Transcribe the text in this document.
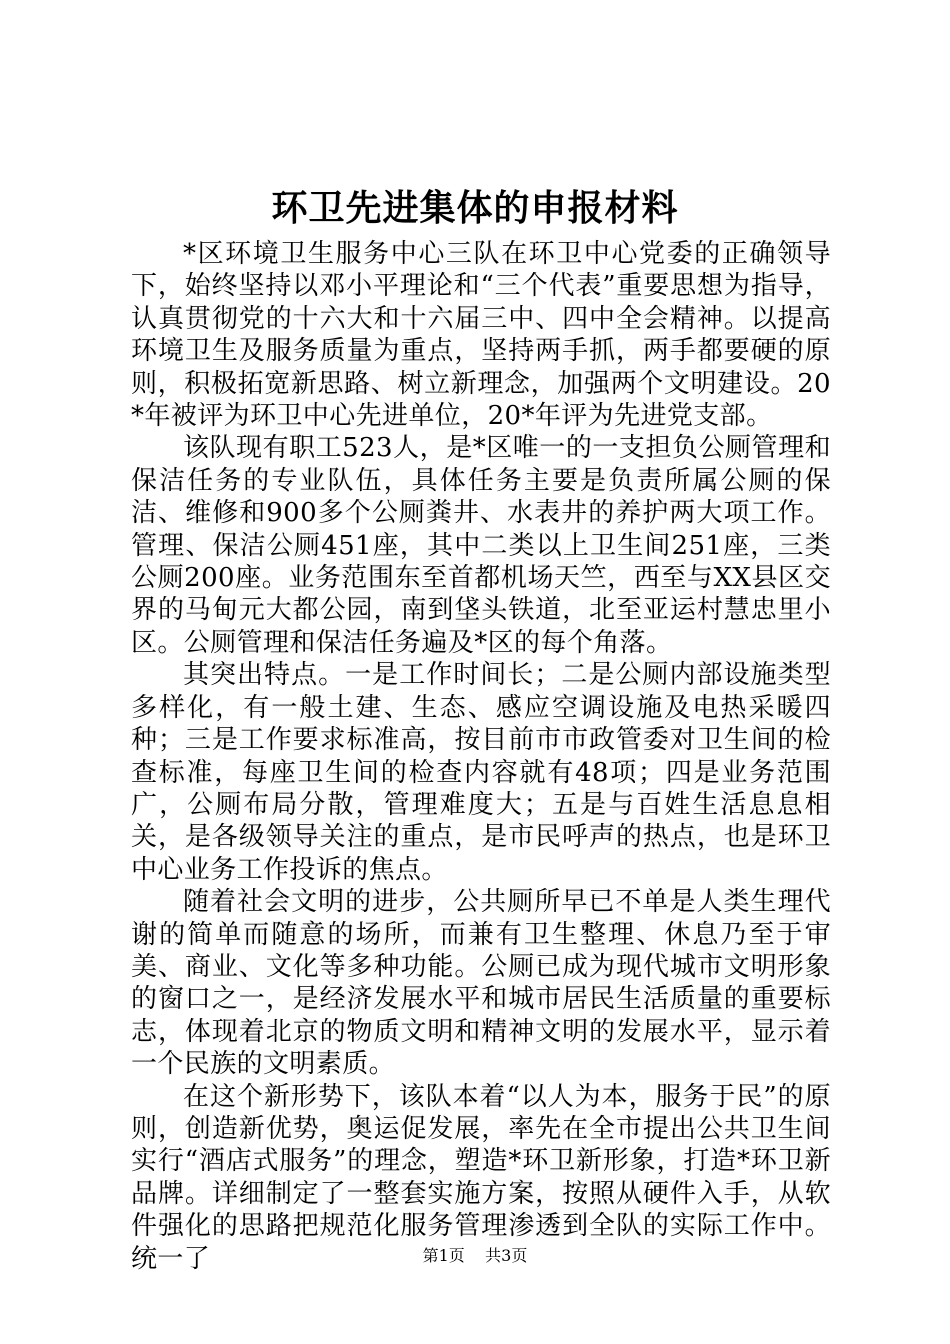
环卫先进集体的申报材料

*区环境卫生服务中心三队在环卫中心党委的正确领导下，始终坚持以邓小平理论和“三个代表”重要思想为指导，认真贯彻党的十六大和十六届三中、四中全会精神。以提高环境卫生及服务质量为重点，坚持两手抓，两手都要硬的原则，积极拓宽新思路、树立新理念，加强两个文明建设。20*年被评为环卫中心先进单位，20*年评为先进党支部。

该队现有职工523人，是*区唯一的一支担负公厕管理和保洁任务的专业队伍，具体任务主要是负责所属公厕的保洁、维修和900多个公厕粪井、水表井的养护两大项工作。管理、保洁公厕451座，其中二类以上卫生间251座，三类公厕200座。业务范围东至首都机场天竺，西至与XX县区交界的马甸元大都公园，南到垡头铁道，北至亚运村慧忠里小区。公厕管理和保洁任务遍及*区的每个角落。

其突出特点。一是工作时间长；二是公厕内部设施类型多样化，有一般土建、生态、感应空调设施及电热采暖四种；三是工作要求标准高，按目前市市政管委对卫生间的检查标准，每座卫生间的检查内容就有48项；四是业务范围广，公厕布局分散，管理难度大；五是与百姓生活息息相关，是各级领导关注的重点，是市民呼声的热点，也是环卫中心业务工作投诉的焦点。

随着社会文明的进步，公共厕所早已不单是人类生理代谢的简单而随意的场所，而兼有卫生整理、休息乃至于审美、商业、文化等多种功能。公厕已成为现代城市文明形象的窗口之一，是经济发展水平和城市居民生活质量的重要标志，体现着北京的物质文明和精神文明的发展水平，显示着一个民族的文明素质。

在这个新形势下，该队本着“以人为本，服务于民”的原则，创造新优势，奥运促发展，率先在全市提出公共卫生间实行“酒店式服务”的理念，塑造*环卫新形象，打造*环卫新品牌。详细制定了一整套实施方案，按照从硬件入手，从软件强化的思路把规范化服务管理渗透到全队的实际工作中。统一了	第1页 共3页
